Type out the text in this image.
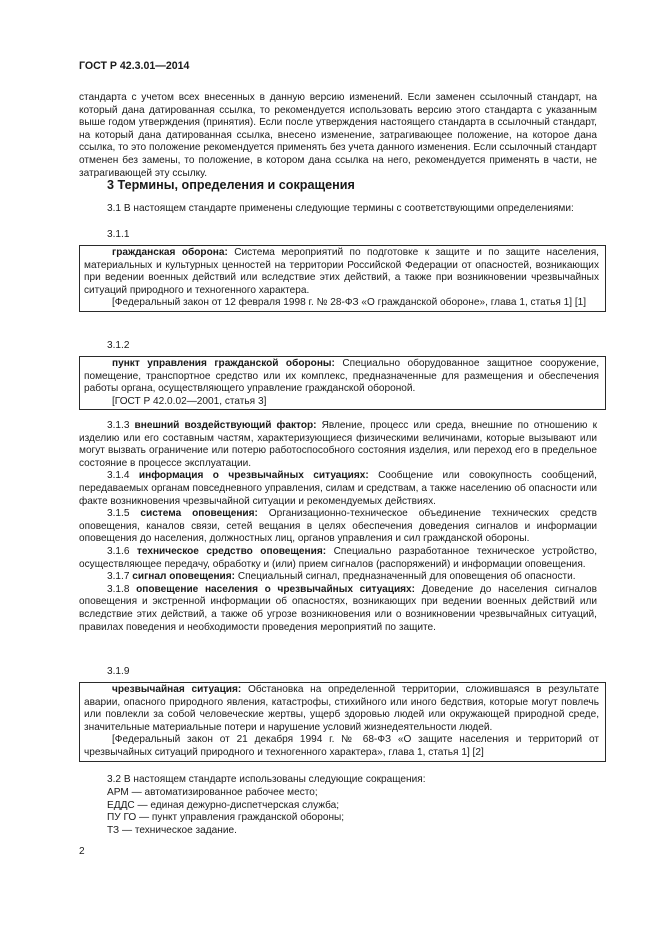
ГОСТ Р 42.3.01—2014

стандарта с учетом всех внесенных в данную версию изменений. Если заменен ссылочный стандарт, на который дана датированная ссылка, то рекомендуется использовать версию этого стандарта с указанным выше годом утверждения (принятия). Если после утверждения настоящего стандарта в ссылочный стандарт, на который дана датированная ссылка, внесено изменение, затрагивающее положение, на которое дана ссылка, то это положение рекомендуется применять без учета данного изменения. Если ссылочный стандарт отменен без замены, то положение, в котором дана ссылка на него, рекомендуется применять в части, не затрагивающей эту ссылку.

3 Термины, определения и сокращения

3.1 В настоящем стандарте применены следующие термины с соответствующими определениями:

3.1.1

гражданская оборона: Система мероприятий по подготовке к защите и по защите населения, материальных и культурных ценностей на территории Российской Федерации от опасностей, возникающих при ведении военных действий или вследствие этих действий, а также при возникновении чрезвычайных ситуаций природного и техногенного характера.

[Федеральный закон от 12 февраля 1998 г. № 28-ФЗ «О гражданской обороне», глава 1, статья 1] [1]

3.1.2

пункт управления гражданской обороны: Специально оборудованное защитное сооружение, помещение, транспортное средство или их комплекс, предназначенные для размещения и обеспечения работы органа, осуществляющего управление гражданской обороной.

[ГОСТ Р 42.0.02—2001, статья 3]

3.1.3 внешний воздействующий фактор: Явление, процесс или среда, внешние по отношению к изделию или его составным частям, характеризующиеся физическими величинами, которые вызывают или могут вызвать ограничение или потерю работоспособного состояния изделия, или переход его в предельное состояние в процессе эксплуатации.

3.1.4 информация о чрезвычайных ситуациях: Сообщение или совокупность сообщений, передаваемых органам повседневного управления, силам и средствам, а также населению об опасности или факте возникновения чрезвычайной ситуации и рекомендуемых действиях.

3.1.5 система оповещения: Организационно-техническое объединение технических средств оповещения, каналов связи, сетей вещания в целях обеспечения доведения сигналов и информации оповещения до населения, должностных лиц, органов управления и сил гражданской обороны.

3.1.6 техническое средство оповещения: Специально разработанное техническое устройство, осуществляющее передачу, обработку и (или) прием сигналов (распоряжений) и информации оповещения.

3.1.7 сигнал оповещения: Специальный сигнал, предназначенный для оповещения об опасности.

3.1.8 оповещение населения о чрезвычайных ситуациях: Доведение до населения сигналов оповещения и экстренной информации об опасностях, возникающих при ведении военных действий или вследствие этих действий, а также об угрозе возникновения или о возникновении чрезвычайных ситуаций, правилах поведения и необходимости проведения мероприятий по защите.

3.1.9

чрезвычайная ситуация: Обстановка на определенной территории, сложившаяся в результате аварии, опасного природного явления, катастрофы, стихийного или иного бедствия, которые могут повлечь или повлекли за собой человеческие жертвы, ущерб здоровью людей или окружающей природной среде, значительные материальные потери и нарушение условий жизнедеятельности людей.

[Федеральный закон от 21 декабря 1994 г. № 68-ФЗ «О защите населения и территорий от чрезвычайных ситуаций природного и техногенного характера», глава 1, статья 1] [2]

3.2 В настоящем стандарте использованы следующие сокращения:

АРМ — автоматизированное рабочее место;
ЕДДС — единая дежурно-диспетчерская служба;
ПУ ГО — пункт управления гражданской обороны;
ТЗ — техническое задание.
2
